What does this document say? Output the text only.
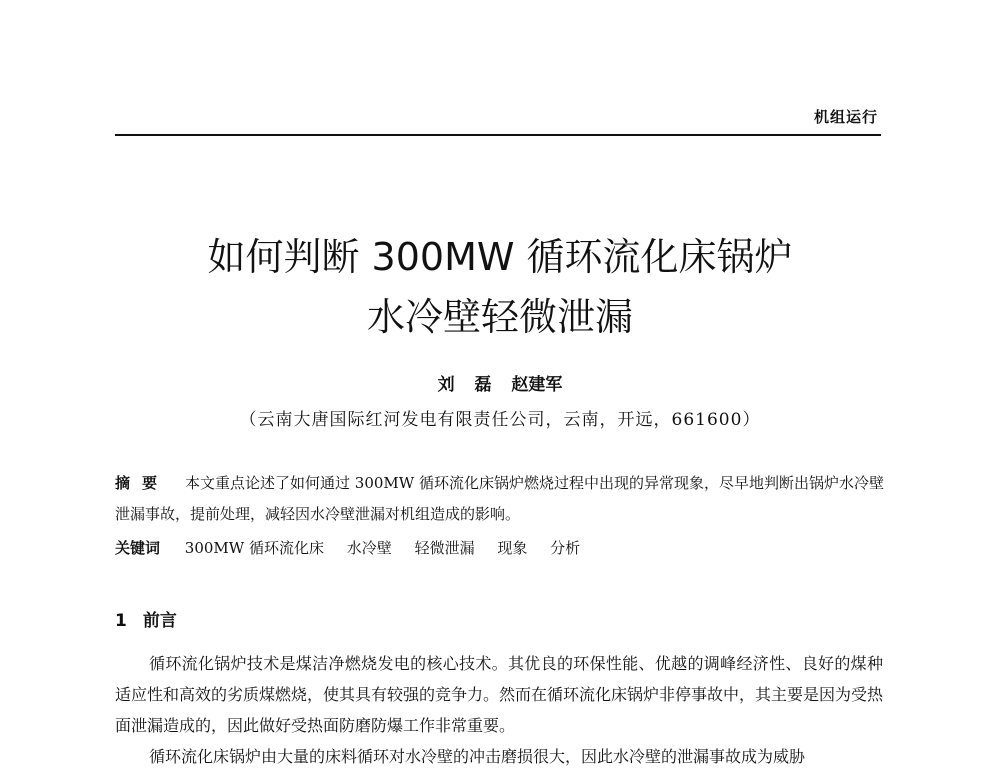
机组运行
如何判断 300MW 循环流化床锅炉
水冷壁轻微泄漏
刘 磊 赵建军
（云南大唐国际红河发电有限责任公司，云南，开远，661600）
摘要 本文重点论述了如何通过 300MW 循环流化床锅炉燃烧过程中出现的异常现象，尽早地判断出锅炉水冷壁泄漏事故，提前处理，减轻因水冷壁泄漏对机组造成的影响。
关键词 300MW 循环流化床 水冷壁 轻微泄漏 现象 分析
1 前言

循环流化锅炉技术是煤洁净燃烧发电的核心技术。其优良的环保性能、优越的调峰经济性、良好的煤种适应性和高效的劣质煤燃烧，使其具有较强的竞争力。然而在循环流化床锅炉非停事故中，其主要是因为受热面泄漏造成的，因此做好受热面防磨防爆工作非常重要。

循环流化床锅炉由大量的床料循环对水冷壁的冲击磨损很大，因此水冷壁的泄漏事故成为威胁
